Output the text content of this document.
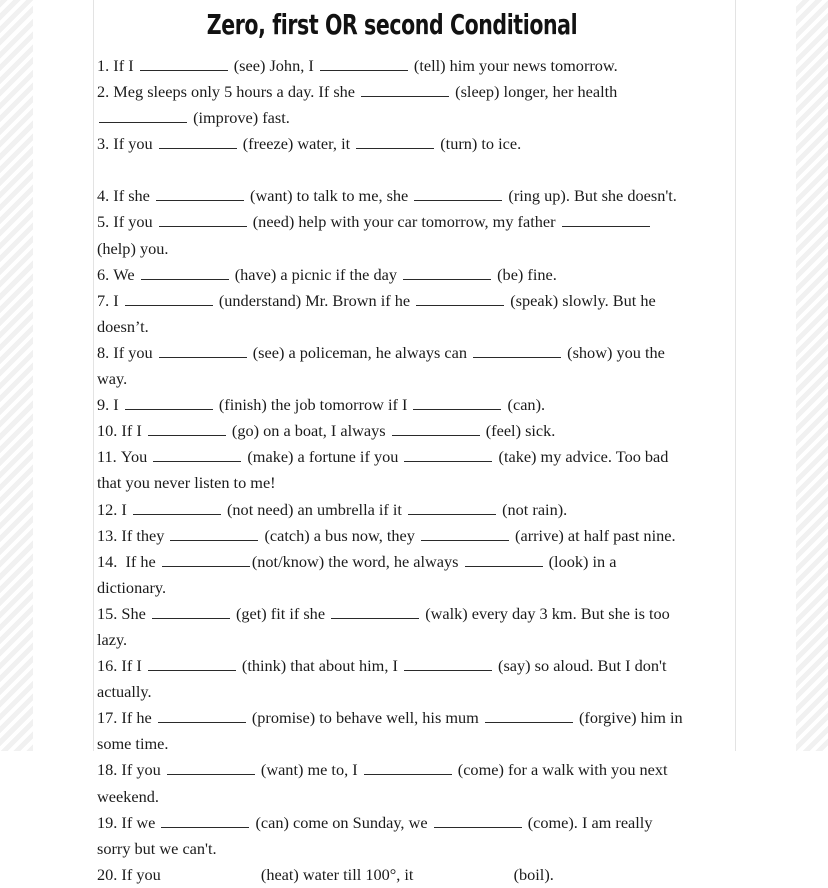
Zero, first OR second Conditional

1. If I	(see) John, I	(tell) him your news tomorrow.

2. Meg sleeps only 5 hours a day. If she	(sleep) longer, her health  (improve) fast.

3. If you	(freeze) water, it	(turn) to ice.

4. If she	(want) to talk to me, she	(ring up). But she doesn't.

5. If you	(need) help with your car tomorrow, my father  (help) you.

6. We	(have) a picnic if the day	(be) fine.

7. I	(understand) Mr. Brown if he	(speak) slowly. But he doesn’t.

8. If you	(see) a policeman, he always can	(show) you the way.

9. I	(finish) the job tomorrow if I	(can).

10. If I	(go) on a boat, I always	(feel) sick.

11. You	(make) a fortune if you	(take) my advice. Too bad that you never listen to me!

12. I	(not need) an umbrella if it	(not rain).

13. If they	(catch) a bus now, they	(arrive) at half past nine.

14.  If he	(not/know) the word, he always	(look) in a dictionary.

15. She	(get) fit if she	(walk) every day 3 km. But she is too lazy.

16. If I	(think) that about him, I	(say) so aloud. But I don't actually.

17. If he	(promise) to behave well, his mum	(forgive) him in some time.

18. If you	(want) me to, I	(come) for a walk with you next weekend.

19. If we	(can) come on Sunday, we	(come). I am really sorry but we can't.

20. If you	(heat) water till 100°, it	(boil).
